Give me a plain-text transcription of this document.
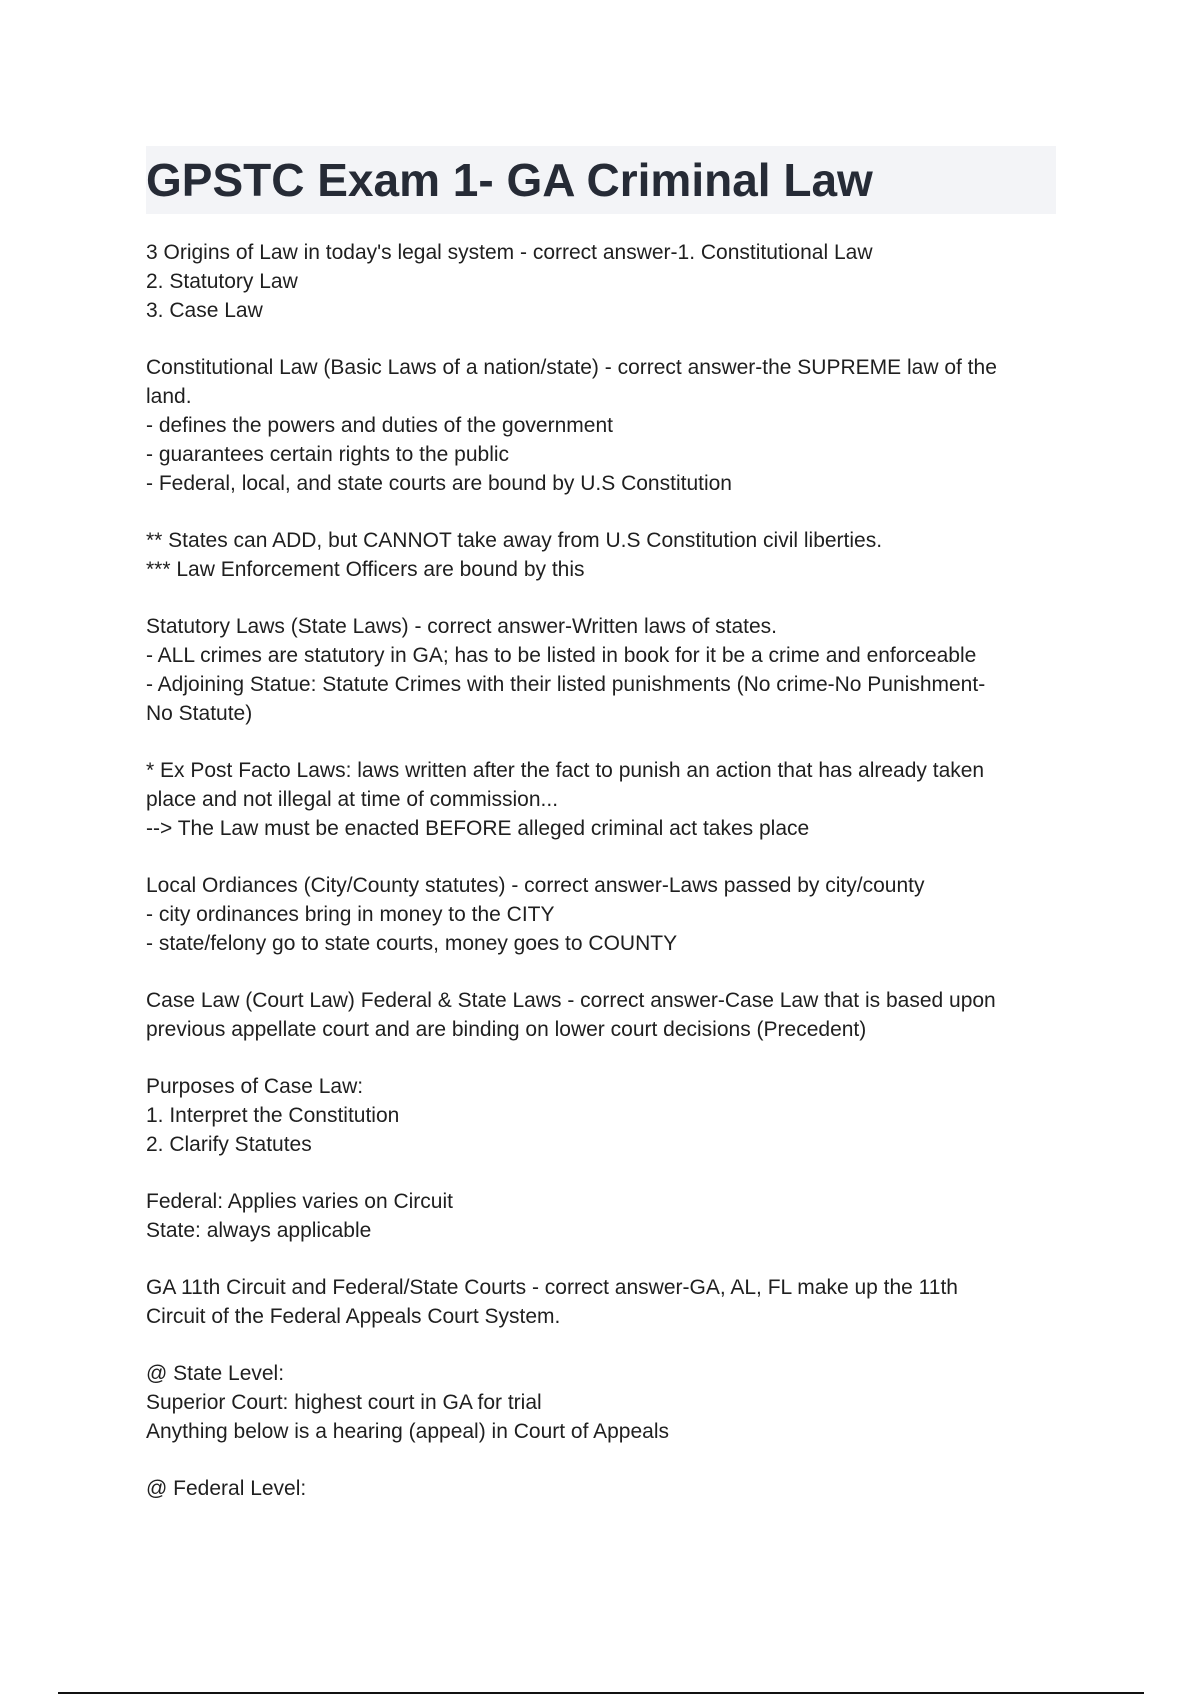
GPSTC Exam 1- GA Criminal Law

3 Origins of Law in today's legal system - correct answer-1. Constitutional Law

2. Statutory Law

3. Case Law

Constitutional Law (Basic Laws of a nation/state) - correct answer-the SUPREME law of the

land.

- defines the powers and duties of the government

- guarantees certain rights to the public

- Federal, local, and state courts are bound by U.S Constitution

** States can ADD, but CANNOT take away from U.S Constitution civil liberties.

*** Law Enforcement Officers are bound by this

Statutory Laws (State Laws) - correct answer-Written laws of states.

- ALL crimes are statutory in GA; has to be listed in book for it be a crime and enforceable

- Adjoining Statue: Statute Crimes with their listed punishments (No crime-No Punishment-

No Statute)

* Ex Post Facto Laws: laws written after the fact to punish an action that has already taken

place and not illegal at time of commission...

--> The Law must be enacted BEFORE alleged criminal act takes place

Local Ordiances (City/County statutes) - correct answer-Laws passed by city/county

- city ordinances bring in money to the CITY

- state/felony go to state courts, money goes to COUNTY

Case Law (Court Law) Federal & State Laws - correct answer-Case Law that is based upon

previous appellate court and are binding on lower court decisions (Precedent)

Purposes of Case Law:

1. Interpret the Constitution

2. Clarify Statutes

Federal: Applies varies on Circuit

State: always applicable

GA 11th Circuit and Federal/State Courts - correct answer-GA, AL, FL make up the 11th

Circuit of the Federal Appeals Court System.

@ State Level:

Superior Court: highest court in GA for trial

Anything below is a hearing (appeal) in Court of Appeals

@ Federal Level:
